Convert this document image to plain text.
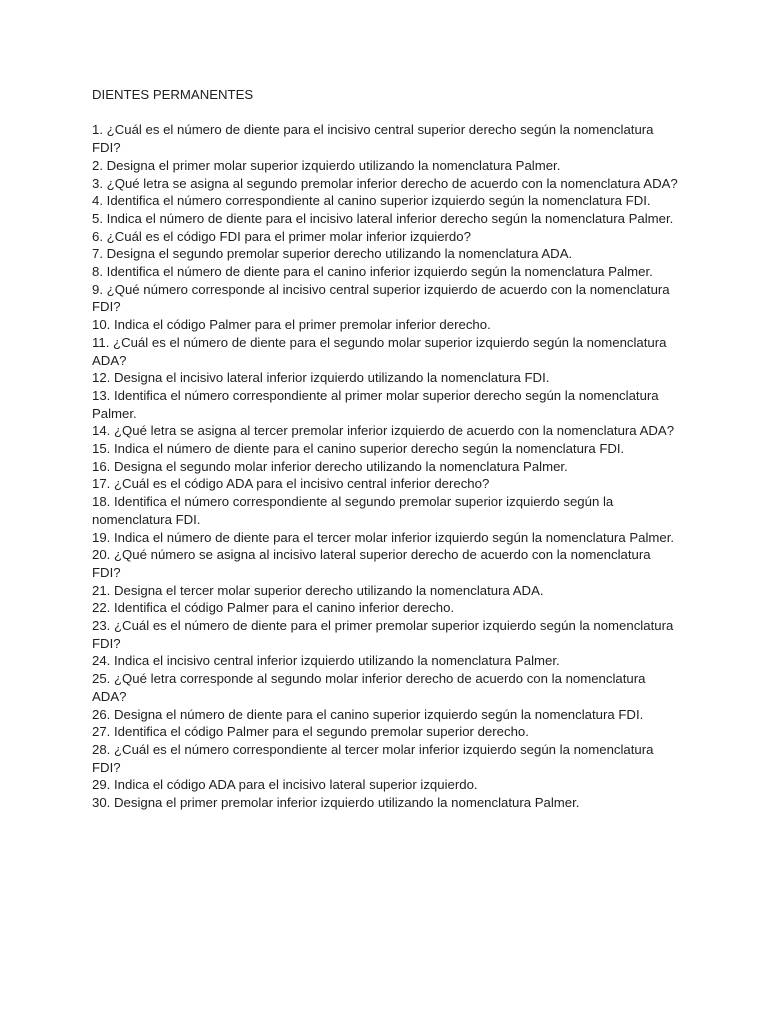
DIENTES PERMANENTES
1. ¿Cuál es el número de diente para el incisivo central superior derecho según la nomenclatura FDI?
2. Designa el primer molar superior izquierdo utilizando la nomenclatura Palmer.
3. ¿Qué letra se asigna al segundo premolar inferior derecho de acuerdo con la nomenclatura ADA?
4. Identifica el número correspondiente al canino superior izquierdo según la nomenclatura FDI.
5. Indica el número de diente para el incisivo lateral inferior derecho según la nomenclatura Palmer.
6. ¿Cuál es el código FDI para el primer molar inferior izquierdo?
7. Designa el segundo premolar superior derecho utilizando la nomenclatura ADA.
8. Identifica el número de diente para el canino inferior izquierdo según la nomenclatura Palmer.
9. ¿Qué número corresponde al incisivo central superior izquierdo de acuerdo con la nomenclatura FDI?
10. Indica el código Palmer para el primer premolar inferior derecho.
11. ¿Cuál es el número de diente para el segundo molar superior izquierdo según la nomenclatura ADA?
12. Designa el incisivo lateral inferior izquierdo utilizando la nomenclatura FDI.
13. Identifica el número correspondiente al primer molar superior derecho según la nomenclatura Palmer.
14. ¿Qué letra se asigna al tercer premolar inferior izquierdo de acuerdo con la nomenclatura ADA?
15. Indica el número de diente para el canino superior derecho según la nomenclatura FDI.
16. Designa el segundo molar inferior derecho utilizando la nomenclatura Palmer.
17. ¿Cuál es el código ADA para el incisivo central inferior derecho?
18. Identifica el número correspondiente al segundo premolar superior izquierdo según la nomenclatura FDI.
19. Indica el número de diente para el tercer molar inferior izquierdo según la nomenclatura Palmer.
20. ¿Qué número se asigna al incisivo lateral superior derecho de acuerdo con la nomenclatura FDI?
21. Designa el tercer molar superior derecho utilizando la nomenclatura ADA.
22. Identifica el código Palmer para el canino inferior derecho.
23. ¿Cuál es el número de diente para el primer premolar superior izquierdo según la nomenclatura FDI?
24. Indica el incisivo central inferior izquierdo utilizando la nomenclatura Palmer.
25. ¿Qué letra corresponde al segundo molar inferior derecho de acuerdo con la nomenclatura ADA?
26. Designa el número de diente para el canino superior izquierdo según la nomenclatura FDI.
27. Identifica el código Palmer para el segundo premolar superior derecho.
28. ¿Cuál es el número correspondiente al tercer molar inferior izquierdo según la nomenclatura FDI?
29. Indica el código ADA para el incisivo lateral superior izquierdo.
30. Designa el primer premolar inferior izquierdo utilizando la nomenclatura Palmer.
